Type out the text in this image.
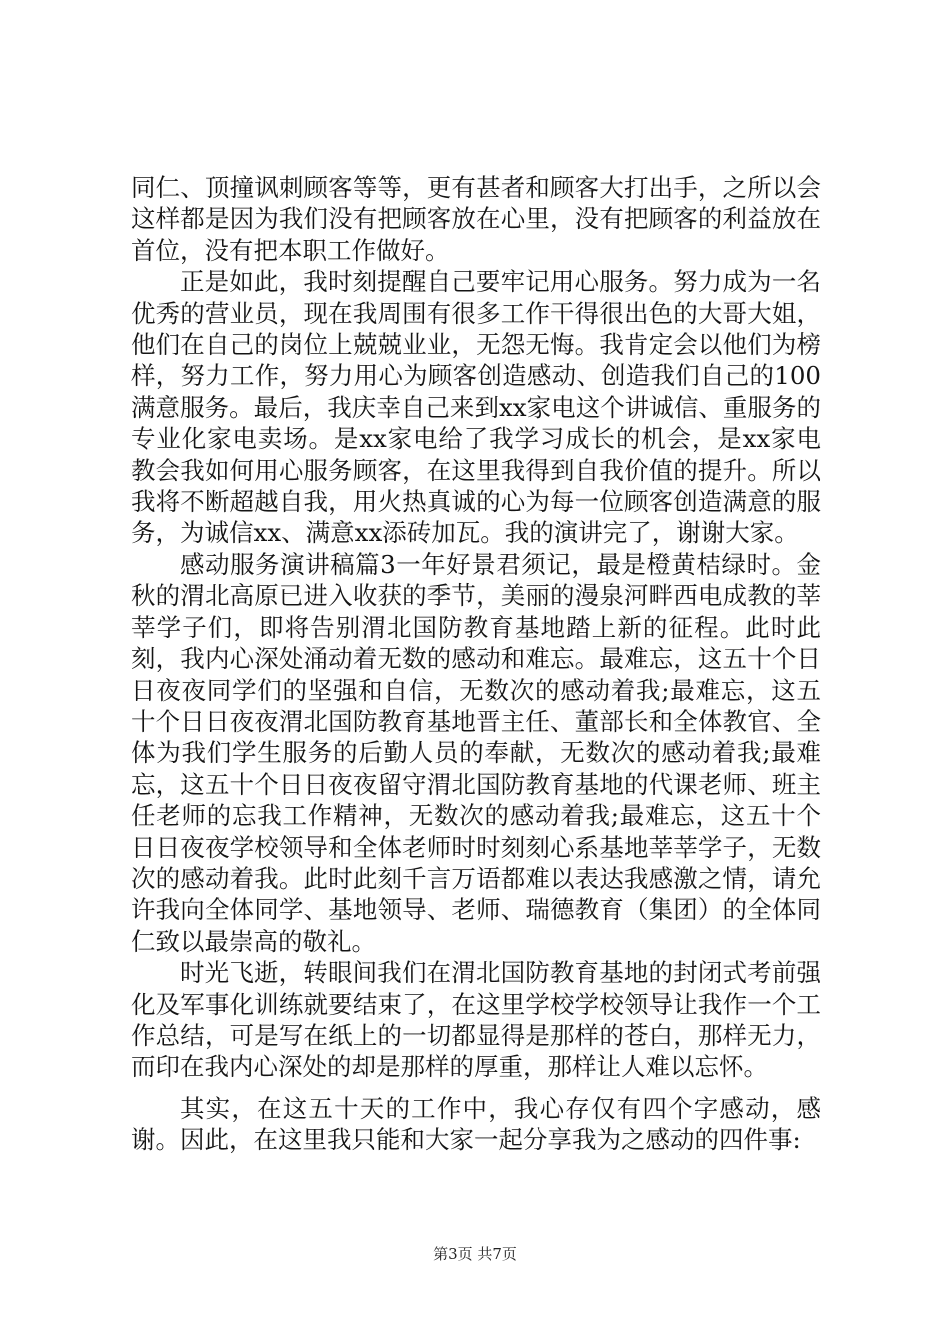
同仁、顶撞讽刺顾客等等，更有甚者和顾客大打出手，之所以会这样都是因为我们没有把顾客放在心里，没有把顾客的利益放在首位，没有把本职工作做好。

正是如此，我时刻提醒自己要牢记用心服务。努力成为一名优秀的营业员，现在我周围有很多工作干得很出色的大哥大姐，他们在自己的岗位上兢兢业业，无怨无悔。我肯定会以他们为榜样，努力工作，努力用心为顾客创造感动、创造我们自己的100满意服务。最后，我庆幸自己来到xx家电这个讲诚信、重服务的专业化家电卖场。是xx家电给了我学习成长的机会，是xx家电教会我如何用心服务顾客，在这里我得到自我价值的提升。所以我将不断超越自我，用火热真诚的心为每一位顾客创造满意的服务，为诚信xx、满意xx添砖加瓦。我的演讲完了，谢谢大家。

感动服务演讲稿篇3一年好景君须记，最是橙黄桔绿时。金秋的渭北高原已进入收获的季节，美丽的漫泉河畔西电成教的莘莘学子们，即将告别渭北国防教育基地踏上新的征程。此时此刻，我内心深处涌动着无数的感动和难忘。最难忘，这五十个日日夜夜同学们的坚强和自信，无数次的感动着我;最难忘，这五十个日日夜夜渭北国防教育基地晋主任、董部长和全体教官、全体为我们学生服务的后勤人员的奉献，无数次的感动着我;最难忘，这五十个日日夜夜留守渭北国防教育基地的代课老师、班主任老师的忘我工作精神，无数次的感动着我;最难忘，这五十个日日夜夜学校领导和全体老师时时刻刻心系基地莘莘学子，无数次的感动着我。此时此刻千言万语都难以表达我感激之情，请允许我向全体同学、基地领导、老师、瑞德教育（集团）的全体同仁致以最崇高的敬礼。

时光飞逝，转眼间我们在渭北国防教育基地的封闭式考前强化及军事化训练就要结束了，在这里学校学校领导让我作一个工作总结，可是写在纸上的一切都显得是那样的苍白，那样无力，而印在我内心深处的却是那样的厚重，那样让人难以忘怀。

其实，在这五十天的工作中，我心存仅有四个字感动，感谢。因此，在这里我只能和大家一起分享我为之感动的四件事:

第3页 共7页
